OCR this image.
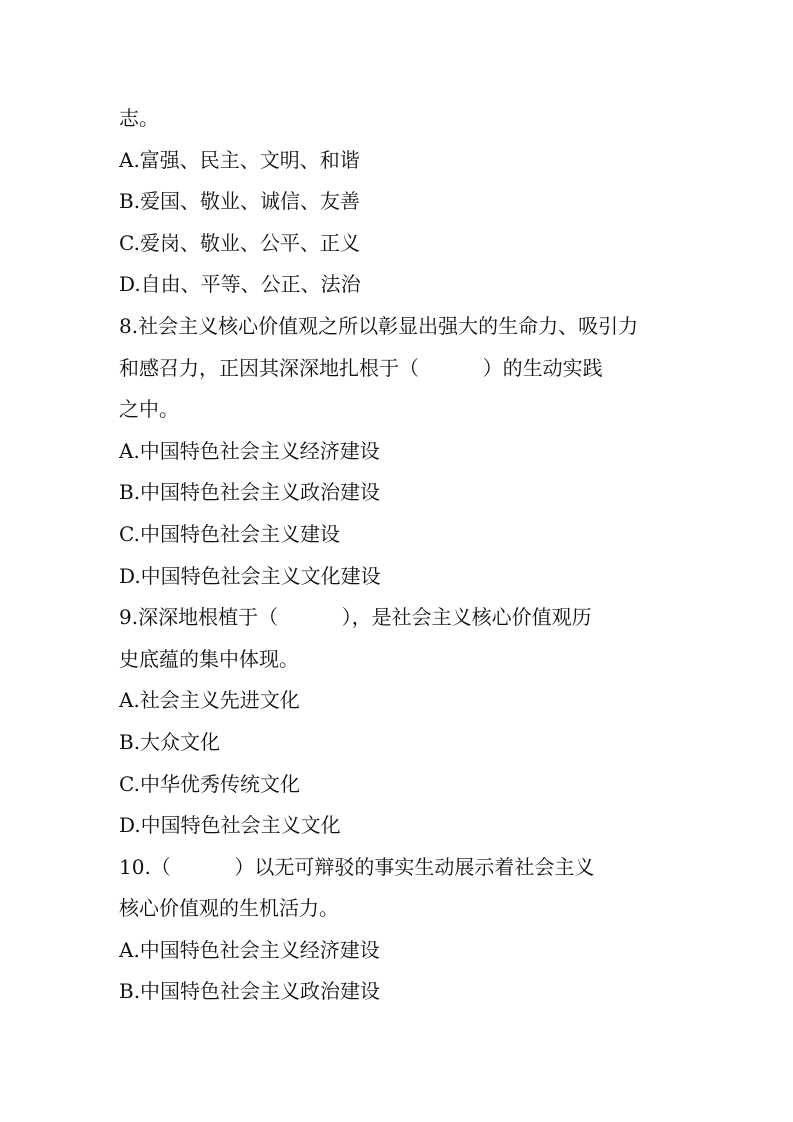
志。
A.富强、民主、文明、和谐
B.爱国、敬业、诚信、友善
C.爱岗、敬业、公平、正义
D.自由、平等、公正、法治
8.社会主义核心价值观之所以彰显出强大的生命力、吸引力
和感召力，正因其深深地扎根于（          ）的生动实践
之中。
A.中国特色社会主义经济建设
B.中国特色社会主义政治建设
C.中国特色社会主义建设
D.中国特色社会主义文化建设
9.深深地根植于（          ），是社会主义核心价值观历
史底蕴的集中体现。
A.社会主义先进文化
B.大众文化
C.中华优秀传统文化
D.中国特色社会主义文化
10.（          ）以无可辩驳的事实生动展示着社会主义
核心价值观的生机活力。
A.中国特色社会主义经济建设
B.中国特色社会主义政治建设
